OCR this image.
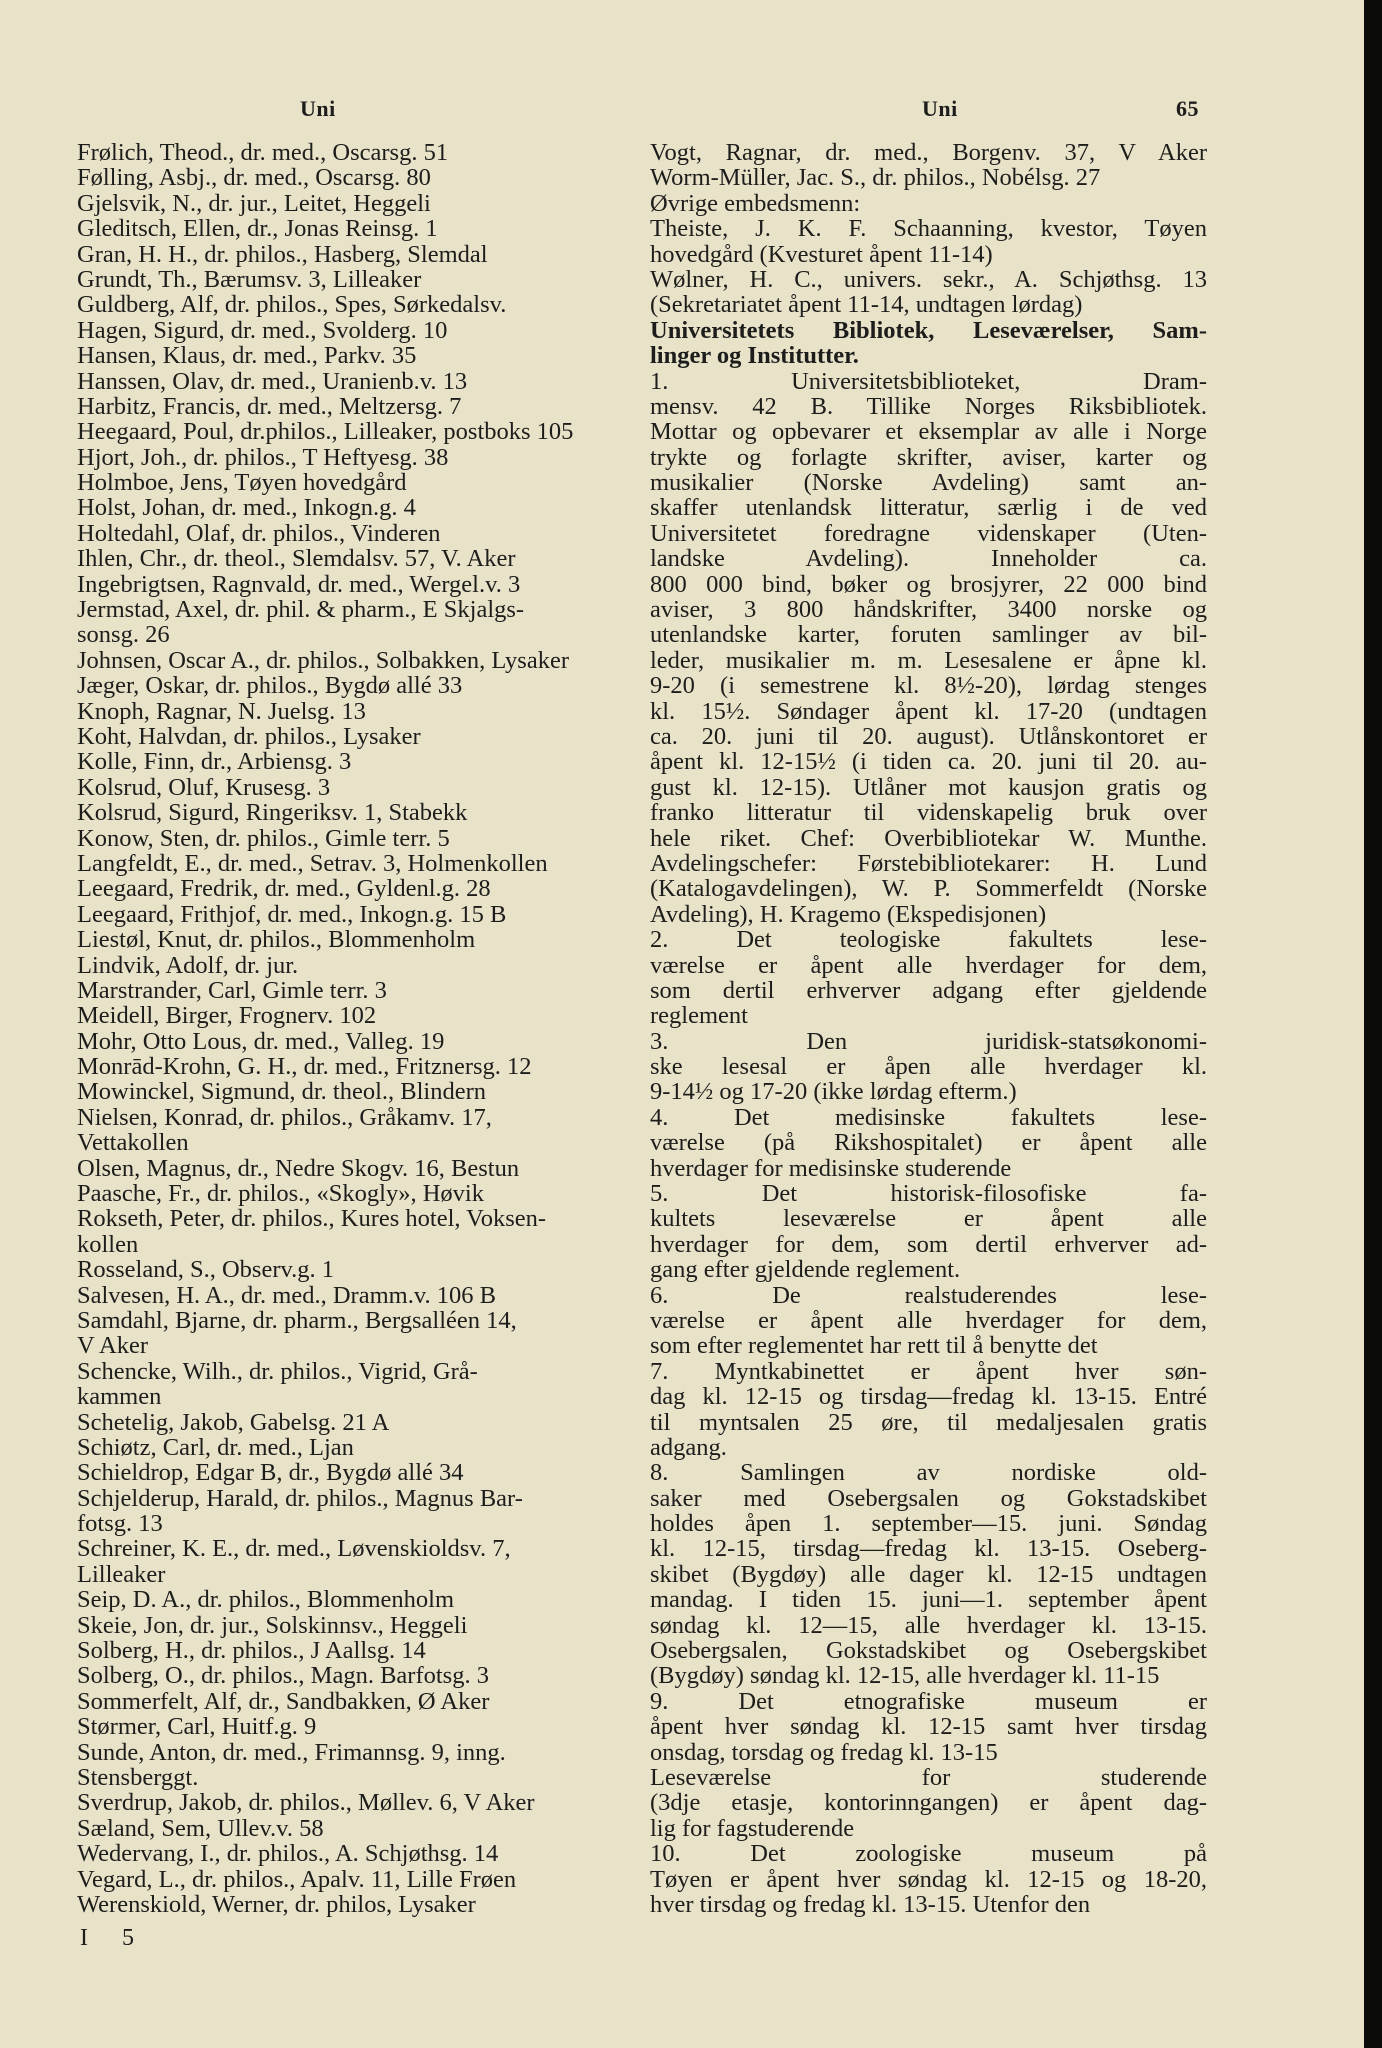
Uni	Uni	65
Frølich, Theod., dr. med., Oscarsg. 51
Følling, Asbj., dr. med., Oscarsg. 80
Gjelsvik, N., dr. jur., Leitet, Heggeli
Gleditsch, Ellen, dr., Jonas Reinsg. 1
Gran, H. H., dr. philos., Hasberg, Slemdal
Grundt, Th., Bærumsv. 3, Lilleaker
Guldberg, Alf, dr. philos., Spes, Sørkedalsv.
Hagen, Sigurd, dr. med., Svolderg. 10
Hansen, Klaus, dr. med., Parkv. 35
Hanssen, Olav, dr. med., Uranienb.v. 13
Harbitz, Francis, dr. med., Meltzersg. 7
Heegaard, Poul, dr.philos., Lilleaker, postboks 105
Hjort, Joh., dr. philos., T Heftyesg. 38
Holmboe, Jens, Tøyen hovedgård
Holst, Johan, dr. med., Inkogn.g. 4
Holtedahl, Olaf, dr. philos., Vinderen
Ihlen, Chr., dr. theol., Slemdalsv. 57, V. Aker
Ingebrigtsen, Ragnvald, dr. med., Wergel.v. 3
Jermstad, Axel, dr. phil. & pharm., E Skjalgs-
sonsg. 26
Johnsen, Oscar A., dr. philos., Solbakken, Lysaker
Jæger, Oskar, dr. philos., Bygdø allé 33
Knoph, Ragnar, N. Juelsg. 13
Koht, Halvdan, dr. philos., Lysaker
Kolle, Finn, dr., Arbiensg. 3
Kolsrud, Oluf, Krusesg. 3
Kolsrud, Sigurd, Ringeriksv. 1, Stabekk
Konow, Sten, dr. philos., Gimle terr. 5
Langfeldt, E., dr. med., Setrav. 3, Holmenkollen
Leegaard, Fredrik, dr. med., Gyldenl.g. 28
Leegaard, Frithjof, dr. med., Inkogn.g. 15 B
Liestøl, Knut, dr. philos., Blommenholm
Lindvik, Adolf, dr. jur.
Marstrander, Carl, Gimle terr. 3
Meidell, Birger, Frognerv. 102
Mohr, Otto Lous, dr. med., Valleg. 19
Monrād-Krohn, G. H., dr. med., Fritznersg. 12
Mowinckel, Sigmund, dr. theol., Blindern
Nielsen, Konrad, dr. philos., Gråkamv. 17,
Vettakollen
Olsen, Magnus, dr., Nedre Skogv. 16, Bestun
Paasche, Fr., dr. philos., «Skogly», Høvik
Rokseth, Peter, dr. philos., Kures hotel, Voksen-
kollen
Rosseland, S., Observ.g. 1
Salvesen, H. A., dr. med., Dramm.v. 106 B
Samdahl, Bjarne, dr. pharm., Bergsalléen 14,
V Aker
Schencke, Wilh., dr. philos., Vigrid, Grå-
kammen
Schetelig, Jakob, Gabelsg. 21 A
Schiøtz, Carl, dr. med., Ljan
Schieldrop, Edgar B, dr., Bygdø allé 34
Schjelderup, Harald, dr. philos., Magnus Bar-
fotsg. 13
Schreiner, K. E., dr. med., Løvenskioldsv. 7,
Lilleaker
Seip, D. A., dr. philos., Blommenholm
Skeie, Jon, dr. jur., Solskinnsv., Heggeli
Solberg, H., dr. philos., J Aallsg. 14
Solberg, O., dr. philos., Magn. Barfotsg. 3
Sommerfelt, Alf, dr., Sandbakken, Ø Aker
Størmer, Carl, Huitf.g. 9
Sunde, Anton, dr. med., Frimannsg. 9, inng.
Stensberggt.
Sverdrup, Jakob, dr. philos., Møllev. 6, V Aker
Sæland, Sem, Ullev.v. 58
Wedervang, I., dr. philos., A. Schjøthsg. 14
Vegard, L., dr. philos., Apalv. 11, Lille Frøen
Werenskiold, Werner, dr. philos, Lysaker
Vogt, Ragnar, dr. med., Borgenv. 37, V Aker
Worm-Müller, Jac. S., dr. philos., Nobélsg. 27
Øvrige embedsmenn:
Theiste, J. K. F. Schaanning, kvestor, Tøyen
hovedgård (Kvesturet åpent 11-14)
Wølner, H. C., univers. sekr., A. Schjøthsg. 13
(Sekretariatet åpent 11-14, undtagen lørdag)
Universitetets Bibliotek, Leseværelser, Sam-
linger og Institutter.
1. Universitetsbiblioteket, Dram-
mensv. 42 B. Tillike Norges Riksbibliotek.
Mottar og opbevarer et eksemplar av alle i Norge
trykte og forlagte skrifter, aviser, karter og
musikalier (Norske Avdeling) samt an-
skaffer utenlandsk litteratur, særlig i de ved
Universitetet foredragne videnskaper (Uten-
landske Avdeling). Inneholder ca.
800 000 bind, bøker og brosjyrer, 22 000 bind
aviser, 3 800 håndskrifter, 3400 norske og
utenlandske karter, foruten samlinger av bil-
leder, musikalier m. m. Lesesalene er åpne kl.
9-20 (i semestrene kl. 8½-20), lørdag stenges
kl. 15½. Søndager åpent kl. 17-20 (undtagen
ca. 20. juni til 20. august). Utlånskontoret er
åpent kl. 12-15½ (i tiden ca. 20. juni til 20. au-
gust kl. 12-15). Utlåner mot kausjon gratis og
franko litteratur til videnskapelig bruk over
hele riket. Chef: Overbibliotekar W. Munthe.
Avdelingschefer: Førstebibliotekarer: H. Lund
(Katalogavdelingen), W. P. Sommerfeldt (Norske
Avdeling), H. Kragemo (Ekspedisjonen)
2. Det teologiske fakultets lese-
værelse er åpent alle hverdager for dem,
som dertil erhverver adgang efter gjeldende
reglement
3. Den juridisk-statsøkonomi-
ske lesesal er åpen alle hverdager kl.
9-14½ og 17-20 (ikke lørdag efterm.)
4. Det medisinske fakultets lese-
værelse (på Rikshospitalet) er åpent alle
hverdager for medisinske studerende
5. Det historisk-filosofiske fa-
kultets leseværelse er åpent alle
hverdager for dem, som dertil erhverver ad-
gang efter gjeldende reglement.
6. De realstuderendes lese-
værelse er åpent alle hverdager for dem,
som efter reglementet har rett til å benytte det
7. Myntkabinettet er åpent hver søn-
dag kl. 12-15 og tirsdag—fredag kl. 13-15. Entré
til myntsalen 25 øre, til medaljesalen gratis
adgang.
8. Samlingen av nordiske old-
saker med Osebergsalen og Gokstadskibet
holdes åpen 1. september—15. juni. Søndag
kl. 12-15, tirsdag—fredag kl. 13-15. Oseberg-
skibet (Bygdøy) alle dager kl. 12-15 undtagen
mandag. I tiden 15. juni—1. september åpent
søndag kl. 12—15, alle hverdager kl. 13-15.
Osebergsalen, Gokstadskibet og Osebergskibet
(Bygdøy) søndag kl. 12-15, alle hverdager kl. 11-15
9. Det etnografiske museum er
åpent hver søndag kl. 12-15 samt hver tirsdag
onsdag, torsdag og fredag kl. 13-15
Leseværelse for studerende
(3dje etasje, kontorinngangen) er åpent dag-
lig for fagstuderende
10. Det zoologiske museum på
Tøyen er åpent hver søndag kl. 12-15 og 18-20,
hver tirsdag og fredag kl. 13-15. Utenfor den
I 5
